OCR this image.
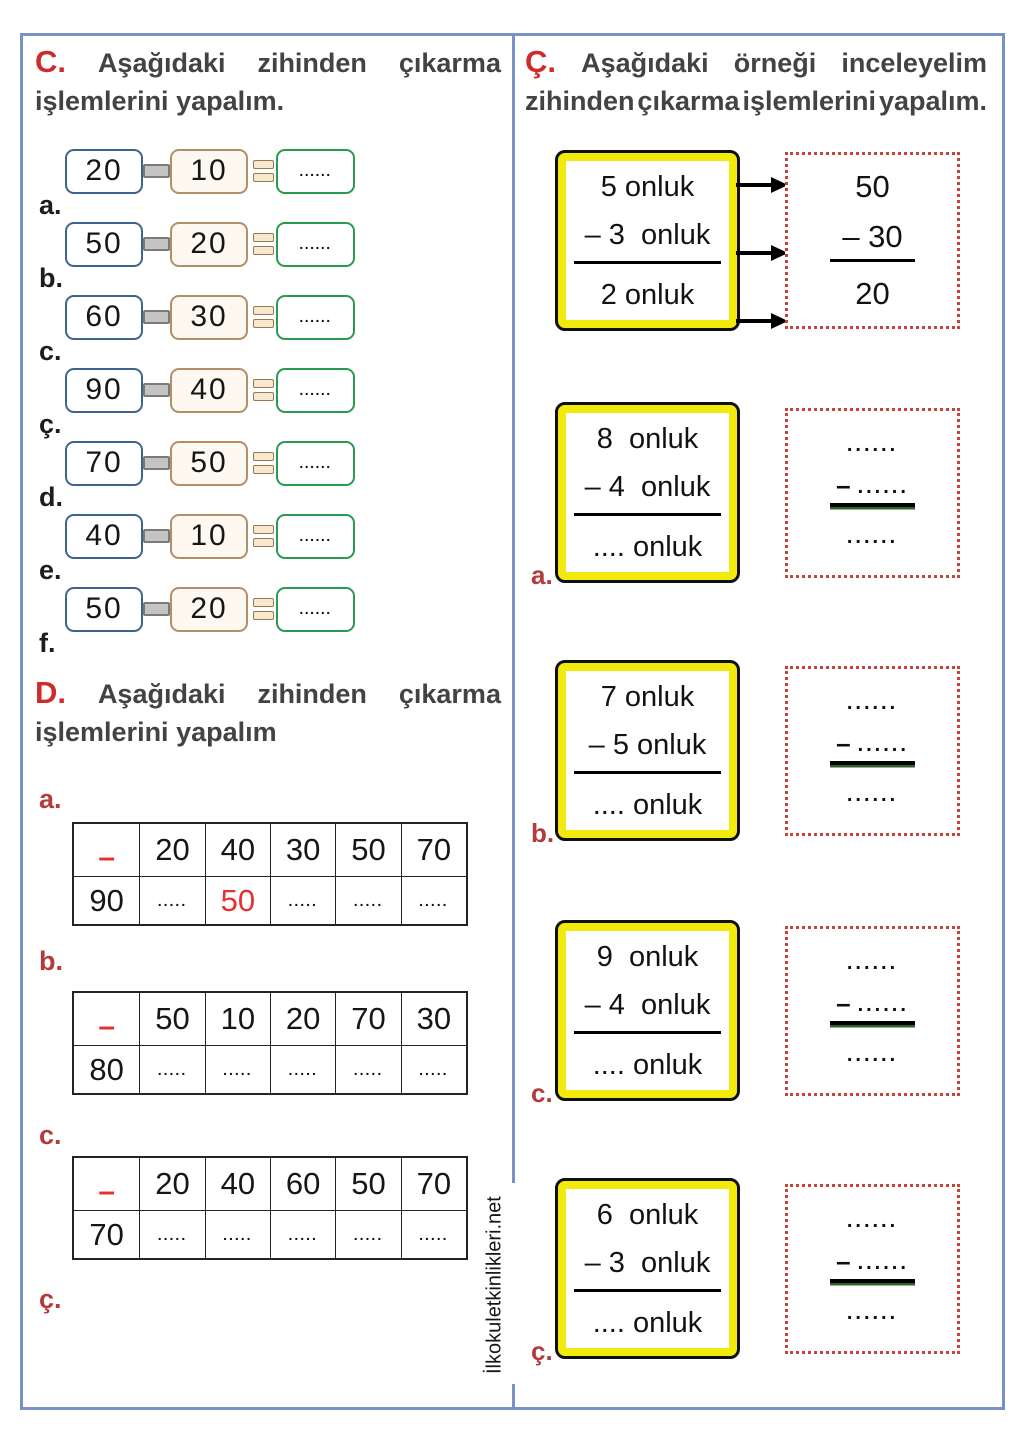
C. Aşağıdaki zihinden çıkarma
işlemlerini yapalım.
20 10	......
a.
50 20	......
b.
60 30	......
c.
90 40	......
ç.
70 50	......
d.
40 10	......
e.
50 20	......
f.
D. Aşağıdaki zihinden çıkarma
işlemlerini yapalım
a.
–	20 40 30 50 70
90	.....	50	.....	.....	.....
b.
–	50 10 20 70 30
80	.....	.....	.....	.....	.....
c.
–	20 40 60 50 70
70	.....	.....	.....	.....	.....
ç.	İlkokuletkinlikleri.net
Ç. Aşağıdaki örneği inceleyelim
zihinden çıkarma işlemlerini yapalım.
5 onluk
– 3  onluk
2 onluk
50
– 30
20
8  onluk
– 4  onluk
.... onluk
......
– ......
......
a.
7 onluk
– 5 onluk
.... onluk
......
– ......
......
b.
9  onluk
– 4  onluk
.... onluk
......
– ......
......
c.
6  onluk
– 3  onluk
.... onluk
......
– ......
......
ç.
